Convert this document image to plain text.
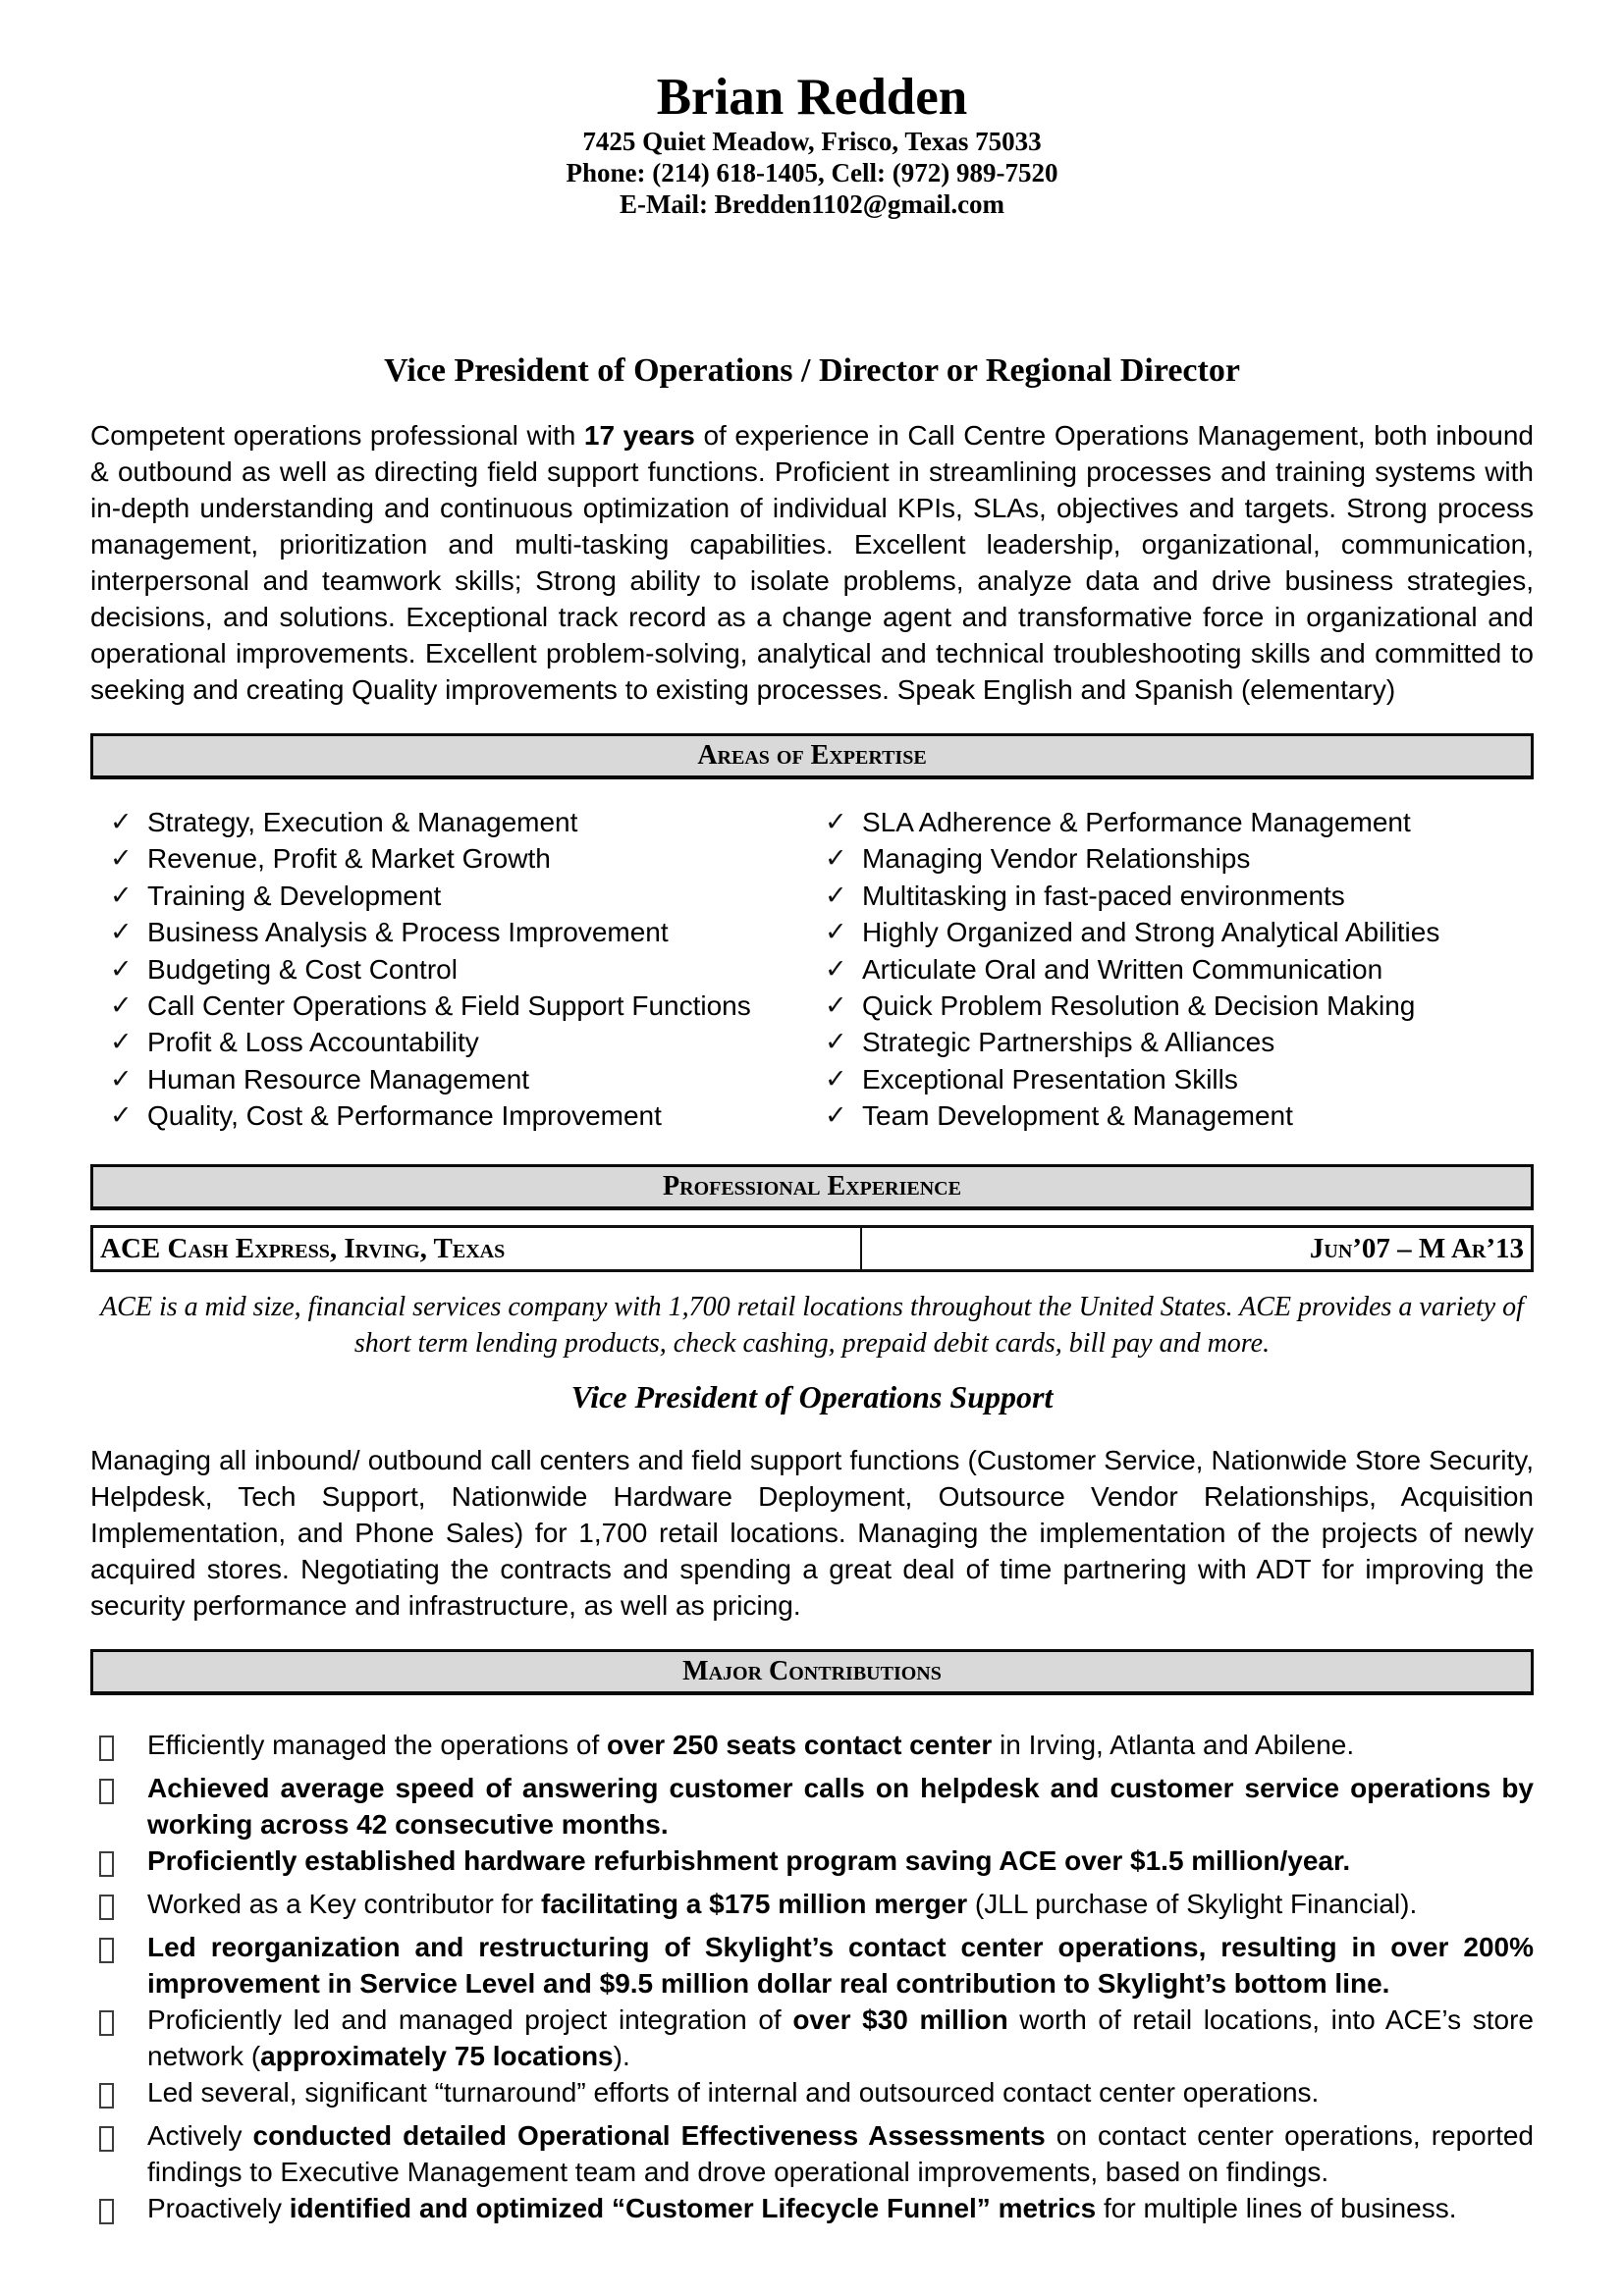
Brian Redden
7425 Quiet Meadow, Frisco, Texas 75033
Phone: (214) 618-1405, Cell: (972) 989-7520
E-Mail: Bredden1102@gmail.com
Vice President of Operations / Director or Regional Director
Competent operations professional with 17 years of experience in Call Centre Operations Management, both inbound & outbound as well as directing field support functions. Proficient in streamlining processes and training systems with in-depth understanding and continuous optimization of individual KPIs, SLAs, objectives and targets. Strong process management, prioritization and multi-tasking capabilities. Excellent leadership, organizational, communication, interpersonal and teamwork skills; Strong ability to isolate problems, analyze data and drive business strategies, decisions, and solutions. Exceptional track record as a change agent and transformative force in organizational and operational improvements. Excellent problem-solving, analytical and technical troubleshooting skills and committed to seeking and creating Quality improvements to existing processes. Speak English and Spanish (elementary)
Areas of Expertise
✓ Strategy, Execution & Management
✓ Revenue, Profit & Market Growth
✓ Training & Development
✓ Business Analysis & Process Improvement
✓ Budgeting & Cost Control
✓ Call Center Operations & Field Support Functions
✓ Profit & Loss Accountability
✓ Human Resource Management
✓ Quality, Cost & Performance Improvement
✓ SLA Adherence & Performance Management
✓ Managing Vendor Relationships
✓ Multitasking in fast-paced environments
✓ Highly Organized and Strong Analytical Abilities
✓ Articulate Oral and Written Communication
✓ Quick Problem Resolution & Decision Making
✓ Strategic Partnerships & Alliances
✓ Exceptional Presentation Skills
✓ Team Development & Management
Professional Experience
ACE Cash Express, Irving, Texas	Jun’07 – M Ar’13
ACE is a mid size, financial services company with 1,700 retail locations throughout the United States. ACE provides a variety of short term lending products, check cashing, prepaid debit cards, bill pay and more.
Vice President of Operations Support
Managing all inbound/ outbound call centers and field support functions (Customer Service, Nationwide Store Security, Helpdesk, Tech Support, Nationwide Hardware Deployment, Outsource Vendor Relationships, Acquisition Implementation, and Phone Sales) for 1,700 retail locations. Managing the implementation of the projects of newly acquired stores. Negotiating the contracts and spending a great deal of time partnering with ADT for improving the security performance and infrastructure, as well as pricing.
Major Contributions
Efficiently managed the operations of over 250 seats contact center in Irving, Atlanta and Abilene.
Achieved average speed of answering customer calls on helpdesk and customer service operations by working across 42 consecutive months.
Proficiently established hardware refurbishment program saving ACE over $1.5 million/year.
Worked as a Key contributor for facilitating a $175 million merger (JLL purchase of Skylight Financial).
Led reorganization and restructuring of Skylight’s contact center operations, resulting in over 200% improvement in Service Level and $9.5 million dollar real contribution to Skylight’s bottom line.
Proficiently led and managed project integration of over $30 million worth of retail locations, into ACE’s store network (approximately 75 locations).
Led several, significant “turnaround” efforts of internal and outsourced contact center operations.
Actively conducted detailed Operational Effectiveness Assessments on contact center operations, reported findings to Executive Management team and drove operational improvements, based on findings.
Proactively identified and optimized “Customer Lifecycle Funnel” metrics for multiple lines of business.
